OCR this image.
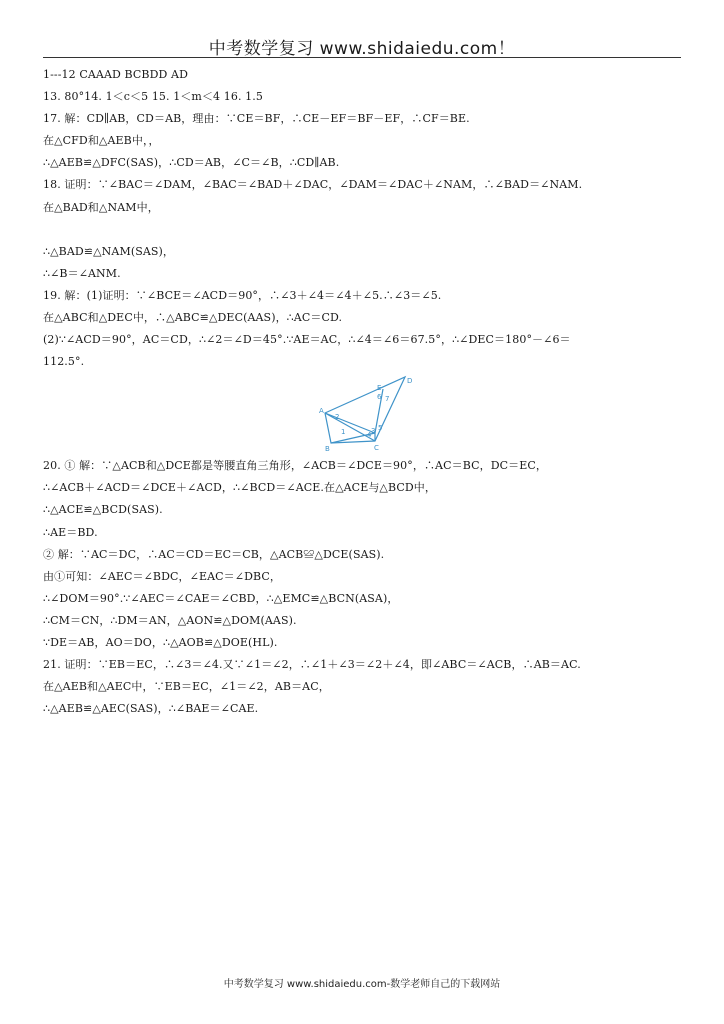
中考数学复习 www.shidaiedu.com！
1---12 CAAAD BCBDD AD
13. 80°14. 1＜c＜5 15. 1＜m＜4 16. 1.5
17. 解：CD∥AB，CD＝AB，理由：∵CE＝BF，∴CE－EF＝BF－EF，∴CF＝BE.
在△CFD和△AEB中，，
∴△AEB≌△DFC(SAS)，∴CD＝AB，∠C＝∠B，∴CD∥AB.
18. 证明：∵∠BAC＝∠DAM，∠BAC＝∠BAD＋∠DAC，∠DAM＝∠DAC＋∠NAM，∴∠BAD＝∠NAM.
在△BAD和△NAM中，
∴△BAD≌△NAM(SAS)，
∴∠B＝∠ANM.
19. 解：(1)证明：∵∠BCE＝∠ACD＝90°，∴∠3＋∠4＝∠4＋∠5.∴∠3＝∠5.
在△ABC和△DEC中，∴△ABC≌△DEC(AAS)，∴AC＝CD.
(2)∵∠ACD＝90°，AC＝CD，∴∠2＝∠D＝45°.∵AE＝AC，∴∠4＝∠6＝67.5°，∴∠DEC＝180°－∠6＝
112.5°.
A
B	C
D
E
1
2
3
4
5
6 7
20. ① 解：∵△ACB和△DCE都是等腰直角三角形，∠ACB＝∠DCE＝90°，∴AC＝BC，DC＝EC，
∴∠ACB＋∠ACD＝∠DCE＋∠ACD，∴∠BCD＝∠ACE.在△ACE与△BCD中，
∴△ACE≌△BCD(SAS).
∴AE＝BD.
② 解：∵AC＝DC，∴AC＝CD＝EC＝CB，△ACB≌△DCE(SAS).
由①可知：∠AEC＝∠BDC，∠EAC＝∠DBC，
∴∠DOM＝90°.∵∠AEC＝∠CAE＝∠CBD，∴△EMC≌△BCN(ASA)，
∴CM＝CN，∴DM＝AN，△AON≌△DOM(AAS).
∵DE＝AB，AO＝DO，∴△AOB≌△DOE(HL).
21. 证明：∵EB＝EC，∴∠3＝∠4.又∵∠1＝∠2，∴∠1＋∠3＝∠2＋∠4，即∠ABC＝∠ACB，∴AB＝AC.
在△AEB和△AEC中，∵EB＝EC，∠1＝∠2，AB＝AC，
∴△AEB≌△AEC(SAS)，∴∠BAE＝∠CAE.
中考数学复习 www.shidaiedu.com-数学老师自己的下载网站
